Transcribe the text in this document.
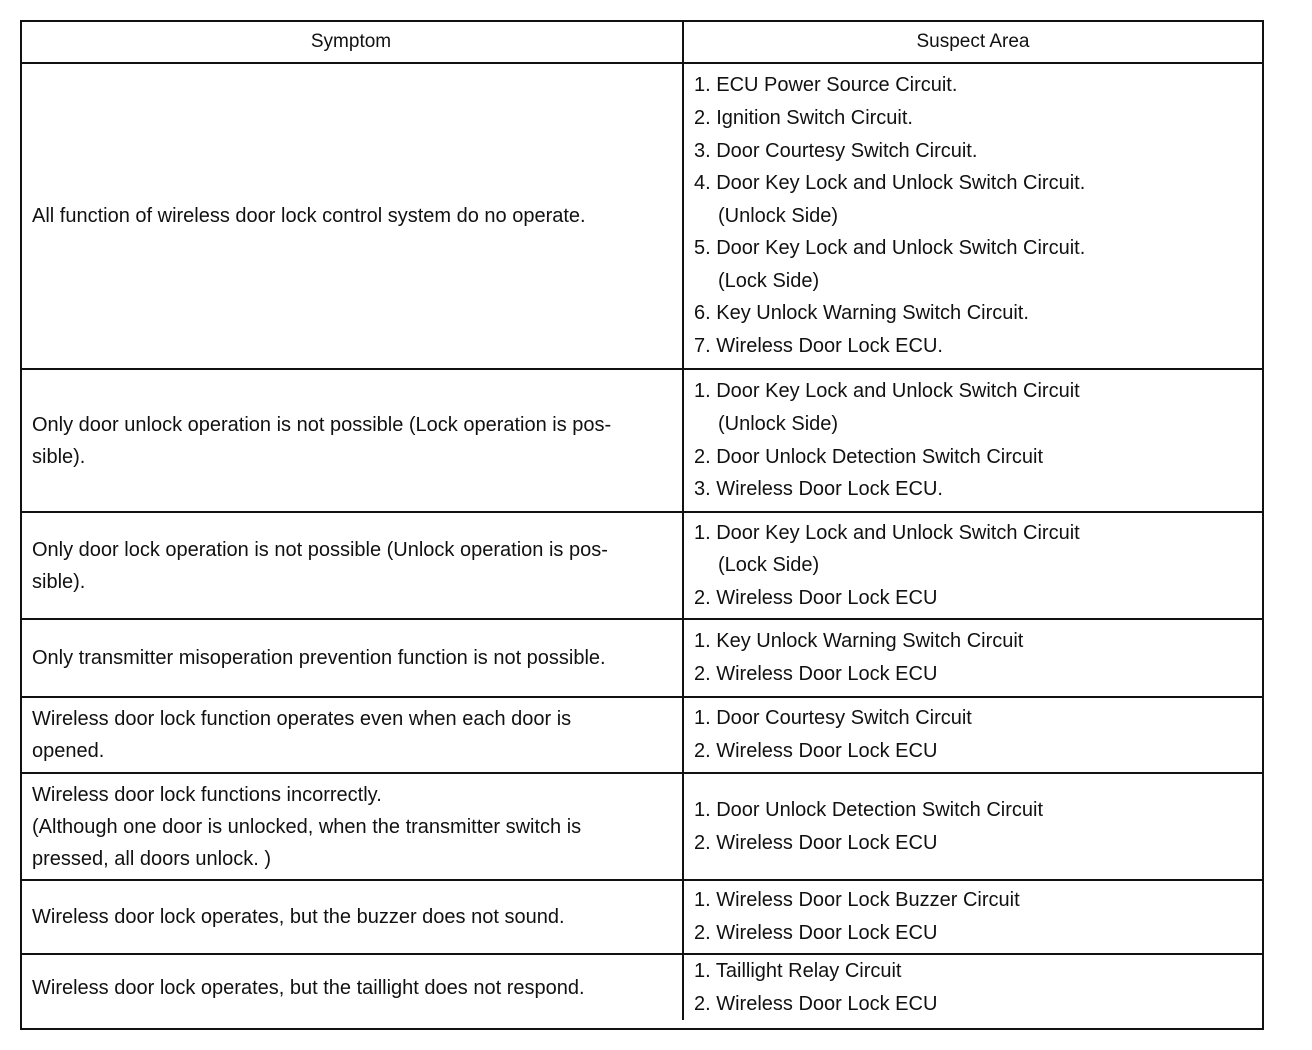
Symptom	Suspect Area
All function of wireless door lock control system do no operate.
1. ECU Power Source Circuit.
2. Ignition Switch Circuit.
3. Door Courtesy Switch Circuit.
4. Door Key Lock and Unlock Switch Circuit.
(Unlock Side)
5. Door Key Lock and Unlock Switch Circuit.
(Lock Side)
6. Key Unlock Warning Switch Circuit.
7. Wireless Door Lock ECU.
Only door unlock operation is not possible (Lock operation is pos-
sible).
1. Door Key Lock and Unlock Switch Circuit
(Unlock Side)
2. Door Unlock Detection Switch Circuit
3. Wireless Door Lock ECU.
Only door lock operation is not possible (Unlock operation is pos-
sible).
1. Door Key Lock and Unlock Switch Circuit
(Lock Side)
2. Wireless Door Lock ECU
Only transmitter misoperation prevention function is not possible.
1. Key Unlock Warning Switch Circuit
2. Wireless Door Lock ECU
Wireless door lock function operates even when each door is
opened.
1. Door Courtesy Switch Circuit
2. Wireless Door Lock ECU
Wireless door lock functions incorrectly.
(Although one door is unlocked, when the transmitter switch is
pressed, all doors unlock. )
1. Door Unlock Detection Switch Circuit
2. Wireless Door Lock ECU
Wireless door lock operates, but the buzzer does not sound.
1. Wireless Door Lock Buzzer Circuit
2. Wireless Door Lock ECU
Wireless door lock operates, but the taillight does not respond.
1. Taillight Relay Circuit
2. Wireless Door Lock ECU
